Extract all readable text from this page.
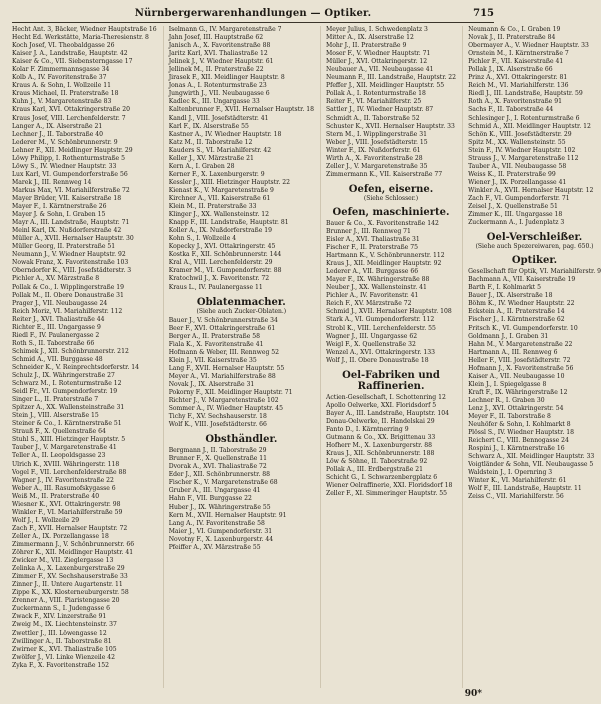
Nürnbergerwarenhandlungen — Optiker.	715

Hecht Ant. 3, Bäcker, Wiedner Hauptstraße 16

Hecht Ed. Werkstätte, Maria-Theresienstr. 8

Koch Josef, VI. Theobaldgasse 26

Kaiser J. A., Landstraße, Hauptstr. 42

Kaiser & Co., VII. Siebensterngasse 17

Kolar F. Zimmermannsgasse 34

Kolb A., IV. Favoritenstraße 37

Kraus A. & Sohn, I. Wollzeile 11

Kraus Michael, II. Praterstraße 18

Kuhn J., V. Margaretenstraße 83

Kraus Karl, XVI. Ottakringerstraße 20

Kraus Josef, VIII. Lerchenfelderstr. 7

Langer A., IX. Alserstraße 21

Lechner J., II. Taborstraße 40

Lederer M., V. Schönbrunnerstr. 9

Lehner F., XII. Meidlinger Hauptstr. 29

Löwy Philipp, I. Rothenturmstraße 5

Löwy S., IV. Wiedner Hauptstr. 33

Lux Karl, VI. Gumpendorferstraße 56

Marek J., III. Rennweg 14

Markus Max, VI. Mariahilferstraße 72

Mayer Brüder, VII. Kaiserstraße 18

Mayer F., I. Kärntnerstraße 26

Mayer J. & Sohn, I. Graben 15

Mayr A., III. Landstraße, Hauptstr. 71

Meinl Karl, IX. Nußdorferstraße 42

Müller A., XVII. Hernalser Hauptstr. 30

Müller Georg, II. Praterstraße 51

Neumann J., V. Wiedner Hauptstr. 92

Nowak Franz, X. Favoritenstraße 103

Oberndorfer K., VIII. Josefstädterstr. 3

Pichler A., XV. Märzstraße 8

Pollak & Co., I. Wipplingerstraße 19

Pollak M., II. Obere Donaustraße 31

Prager J., VII. Neubaugasse 24

Reich Moriz, VI. Mariahilferstr. 112

Reiter J., XVI. Thaliastraße 44

Richter E., III. Ungargasse 9

Riedl F., IV. Paulanergasse 2

Roth S., II. Taborstraße 66

Schimek J., XII. Schönbrunnerstr. 212

Schmid A., VII. Burggasse 48

Schneider K., V. Reinprechtsdorferstr. 14

Schulz J., IX. Währingerstraße 27

Schwarz M., I. Rotenturmstraße 12

Seidl Fr., VI. Gumpendorferstr. 19

Singer L., II. Praterstraße 7

Spitzer A., XX. Wallensteinstraße 31

Stein J., VIII. Alserstraße 15

Steiner & Co., I. Kärntnerstraße 51

Strauß F., X. Quellenstraße 64

Stuhl S., XIII. Hietzinger Hauptstr. 5

Tauber J., V. Margaretenstraße 41

Teller A., II. Leopoldsgasse 23

Ulrich K., XVIII. Währingerstr. 118

Vogel F., VII. Lerchenfelderstraße 88

Wagner J., IV. Favoritenstraße 22

Weber A., III. Rasumofskygasse 6

Weiß M., II. Praterstraße 40

Wiesner K., XVI. Ottakringerstr. 98

Winkler F., VI. Mariahilferstraße 59

Wolf J., I. Wollzeile 29

Zach F., XVII. Hernalser Hauptstr. 72

Zeller A., IX. Porzellangasse 18

Zimmermann J., V. Schönbrunnerstr. 66

Zöhrer K., XII. Meidlinger Hauptstr. 41

Zwicker M., VII. Zieglergasse 13

Zelinka A., X. Laxenburgerstraße 29

Zimmer F., XV. Sechshauserstraße 33

Zinner J., II. Untere Augartenstr. 11

Zippe K., XX. Klosterneuburgerstr. 58

Zrenner A., VIII. Piaristengasse 20

Zuckermann S., I. Judengasse 6

Zwack F., XIV. Linzerstraße 91

Zweig M., IX. Liechtensteinstr. 37

Zwettler J., III. Löwengasse 12

Zwillinger A., II. Taborstraße 81

Zwirner K., XVI. Thaliastraße 105

Zwölfer J., VI. Linke Wienzeile 42

Zyka F., X. Favoritenstraße 152

Iselmann G., IV. Margaretenstraße 7

Jahn Josef, III. Hauptstraße 62

Janisch A., X. Favoritenstraße 88

Jaritz Karl, XVI. Thaliastraße 12

Jelinek J., V. Wiedner Hauptstr. 61

Jellinek M., II. Praterstraße 22

Jirasek F., XII. Meidlinger Hauptstr. 8

Jonas A., I. Rotenturmstraße 23

Jungwirth J., VII. Neubaugasse 6

Kadlec K., III. Ungargasse 33

Kaltenbrunner F., XVII. Hernalser Hauptstr. 18

Kandl J., VIII. Josefstädterstr. 41

Karl F., IX. Alserstraße 55

Kastner A., IV. Wiedner Hauptstr. 18

Katz M., II. Taborstraße 12

Kauders S., VI. Mariahilferstr. 42

Keller J., XV. Märzstraße 21

Kern A., I. Graben 28

Kerner F., X. Laxenburgerstr. 9

Kessler J., XIII. Hietzinger Hauptstr. 22

Kienast K., V. Margaretenstraße 9

Kirchner A., VII. Kaiserstraße 61

Klein M., II. Praterstraße 33

Klinger J., XX. Wallensteinstr. 12

Knapp F., III. Landstraße, Hauptstr. 81

Koller A., IX. Nußdorferstraße 19

Kohn S., I. Wollzeile 4

Kopecky J., XVI. Ottakringerstr. 45

Kostka F., XII. Schönbrunnerstr. 144

Kral A., VIII. Lerchenfelderstr. 29

Kramer M., VI. Gumpendorferstr. 88

Kratochwil J., X. Favoritenstr. 72

Kraus L., IV. Paulanergasse 11

Oblatenmacher.
(Siehe auch Zucker-Oblaten.)

Bauer J., V. Schönbrunnerstraße 34

Beer F., XVI. Ottakringerstraße 61

Berger A., II. Praterstraße 58

Fiala K., X. Favoritenstraße 41

Hofmann & Weber, III. Rennweg 52

Klein J., VII. Kaiserstraße 35

Lang F., XVII. Hernalser Hauptstr. 55

Meyer A., VI. Mariahilferstraße 88

Novak J., IX. Alserstraße 31

Pokorny F., XII. Meidlinger Hauptstr. 71

Richter J., V. Margaretenstraße 102

Sommer A., IV. Wiedner Hauptstr. 45

Tichy F., XV. Sechshauserstr. 18

Wolf K., VIII. Josefstädterstr. 66

Obsthändler.

Bergmann J., II. Taborstraße 29

Brunner F., X. Quellenstraße 11

Dvorak A., XVI. Thaliastraße 72

Eder J., XII. Schönbrunnerstr. 88

Fischer K., V. Margaretenstraße 68

Gruber A., III. Ungargasse 41

Hahn F., VII. Burggasse 22

Huber J., IX. Währingerstraße 55

Kern M., XVII. Hernalser Hauptstr. 91

Lang A., IV. Favoritenstraße 58

Maier J., VI. Gumpendorferstr. 31

Novotny F., X. Laxenburgerstr. 44

Pfeiffer A., XV. Märzstraße 55

Meyer Julius, I. Schwedenplatz 3

Mitter A., IX. Alserstraße 12

Mohr J., II. Praterstraße 9

Moser F., V. Wiedner Hauptstr. 71

Müller J., XVI. Ottakringerstr. 12

Neubauer A., VII. Neubaugasse 41

Neumann F., III. Landstraße, Hauptstr. 22

Pfeffer J., XII. Meidlinger Hauptstr. 55

Pollak A., I. Rotenturmstraße 18

Reiter F., VI. Mariahilferstr. 25

Sattler J., IV. Wiedner Hauptstr. 87

Schmidt A., II. Taborstraße 52

Schuster K., XVII. Hernalser Hauptstr. 33

Stern M., I. Wipplingerstraße 31

Weber J., VIII. Josefstädterstr. 15

Winter F., IX. Nußdorferstr. 61

Wirth A., X. Favoritenstraße 28

Zeller J., V. Margaretenstraße 35

Zimmermann K., VII. Kaiserstraße 77

Oefen, eiserne.
(Siehe Schlosser.)
Oefen, maschinierte.

Bauer & Co., X. Favoritenstraße 142

Brunner J., III. Rennweg 71

Eisler A., XVI. Thaliastraße 31

Fischer F., II. Praterstraße 75

Hartmann K., V. Schönbrunnerstr. 112

Kraus J., XII. Meidlinger Hauptstr. 92

Lederer A., VII. Burggasse 66

Mayer F., IX. Währingerstraße 88

Neuber J., XX. Wallensteinstr. 41

Pichler A., IV. Favoritenstr. 41

Reich F., XV. Märzstraße 72

Schmid J., XVII. Hernalser Hauptstr. 108

Stark A., VI. Gumpendorferstr. 112

Strobl K., VIII. Lerchenfelderstr. 55

Wagner J., III. Ungargasse 62

Weigl F., X. Quellenstraße 32

Wenzel A., XVI. Ottakringerstr. 133

Wolf J., II. Obere Donaustraße 18

Oel-Fabriken und Raffinerien.

Actien-Gesellschaft, I. Schottenring 12

Apollo Oelwerke, XXI. Floridsdorf 5

Bayer A., III. Landstraße, Hauptstr. 104

Donau-Oelwerke, II. Handelskai 29

Fanto D., I. Kärntnerring 9

Gutmann & Co., XX. Brigittenau 33

Hofherr M., X. Laxenburgerstr. 88

Kraus J., XII. Schönbrunnerstr. 188

Löw & Söhne, II. Taborstraße 92

Pollak A., III. Erdbergstraße 21

Schicht G., I. Schwarzenbergplatz 6

Wiener Oelraffinerie, XXI. Floridsdorf 18

Zeller F., XI. Simmeringer Hauptstr. 55

Neumann & Co., I. Graben 19

Novak J., II. Praterstraße 84

Obermayer A., V. Wiedner Hauptstr. 33

Ornstein M., I. Kärntnerstraße 7

Pichler F., VII. Kaiserstraße 41

Pollak J., IX. Alserstraße 66

Prinz A., XVI. Ottakringerstr. 81

Reich M., VI. Mariahilferstr. 136

Riedl J., III. Landstraße, Hauptstr. 59

Roth A., X. Favoritenstraße 91

Sachs F., II. Taborstraße 44

Schlesinger J., I. Rotenturmstraße 6

Schmid A., XII. Meidlinger Hauptstr. 12

Schön K., VIII. Josefstädterstr. 29

Spitz M., XX. Wallensteinstr. 55

Stein F., IV. Wiedner Hauptstr. 102

Strauss J., V. Margaretenstraße 112

Tauber A., VII. Neubaugasse 58

Weiss K., II. Praterstraße 99

Wiener J., IX. Porzellangasse 41

Winkler A., XVII. Hernalser Hauptstr. 12

Zach F., VI. Gumpendorferstr. 71

Zeisel J., X. Quellenstraße 51

Zimmer K., III. Ungargasse 18

Zuckermann A., I. Judenplatz 3

Oel-Verschleißer.
(Siehe auch Spezereiwaren, pag. 650.)
Optiker.

Gesellschaft für Optik, VI. Mariahilferstr. 9

Bachmann A., VII. Kaiserstraße 19

Barth F., I. Kohlmarkt 5

Bauer J., IX. Alserstraße 18

Böhm K., IV. Wiedner Hauptstr. 22

Eckstein A., II. Praterstraße 14

Fischer J., I. Kärntnerstraße 62

Fritsch K., VI. Gumpendorferstr. 10

Goldmann J., I. Graben 31

Hahn M., V. Margaretenstraße 22

Hartmann A., III. Rennweg 6

Heller F., VIII. Josefstädterstr. 72

Hofmann J., X. Favoritenstraße 56

Kaiser A., VII. Neubaugasse 10

Klein J., I. Spiegelgasse 8

Kraft F., IX. Währingerstraße 12

Lechner R., I. Graben 30

Lenz J., XVI. Ottakringerstr. 54

Meyer F., II. Taborstraße 8

Neuhöfer & Sohn, I. Kohlmarkt 8

Plössl S., IV. Wiedner Hauptstr. 18

Reichert C., VIII. Bennogasse 24

Rospini J., I. Kärntnerstraße 16

Schwarz A., XII. Meidlinger Hauptstr. 33

Voigtländer & Sohn, VII. Neubaugasse 5

Waldstein J., I. Opernring 3

Winter K., VI. Mariahilferstr. 61

Wolf F., III. Landstraße, Hauptstr. 11

Zeiss C., VII. Mariahilferstr. 56

90*
